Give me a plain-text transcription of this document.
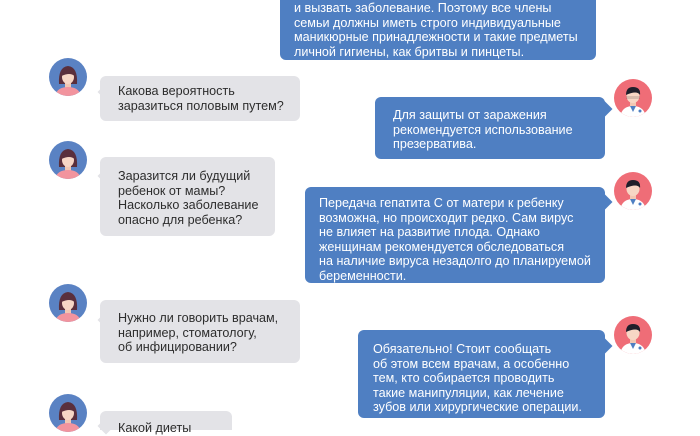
и вызвать заболевание. Поэтому все члены
семьи должны иметь строго индивидуальные
маникюрные принадлежности и такие предметы
личной гигиены, как бритвы и пинцеты.
Какова вероятность
заразиться половым путем?
Для защиты от заражения
рекомендуется использование
презерватива.
Заразится ли будущий
ребенок от мамы?
Насколько заболевание
опасно для ребенка?
Передача гепатита С от матери к ребенку
возможна, но происходит редко. Сам вирус
не влияет на развитие плода. Однако
женщинам рекомендуется обследоваться
на наличие вируса незадолго до планируемой
беременности.
Нужно ли говорить врачам,
например, стоматологу,
об инфицировании?	Обязательно! Стоит сообщать
об этом всем врачам, а особенно
тем, кто собирается проводить
такие манипуляции, как лечение
зубов или хирургические операции.
Какой диеты
